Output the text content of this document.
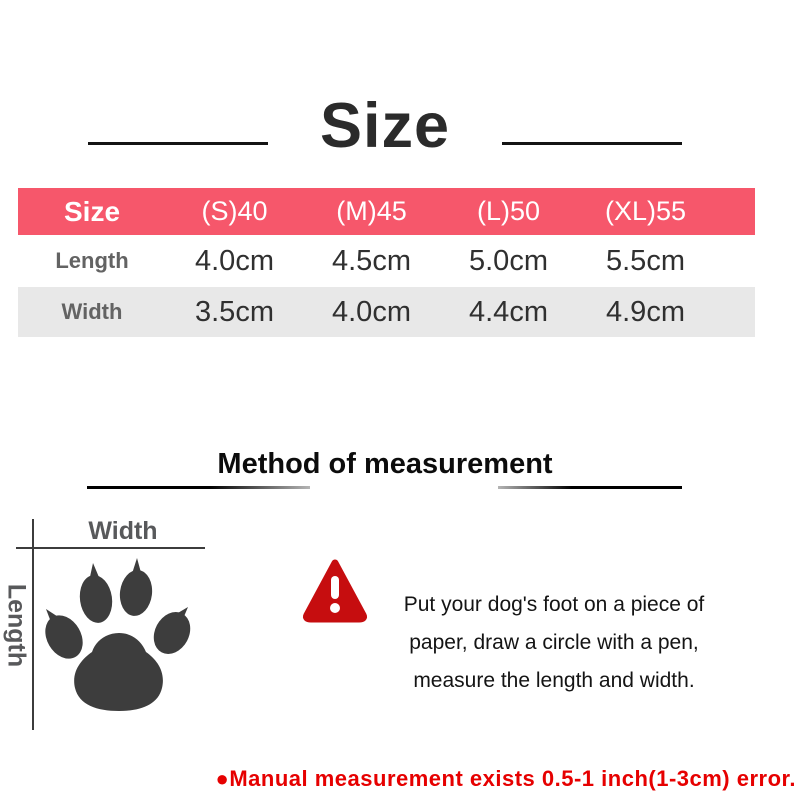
Size
Size	(S)40	(M)45	(L)50	(XL)55
Length	4.0cm	4.5cm	5.0cm	5.5cm
Width	3.5cm	4.0cm	4.4cm	4.9cm
Method of measurement
Width
Length	Put your dog's foot on a piece of
paper, draw a circle with a pen,
measure the length and width.
●Manual measurement exists 0.5-1 inch(1-3cm) error.
